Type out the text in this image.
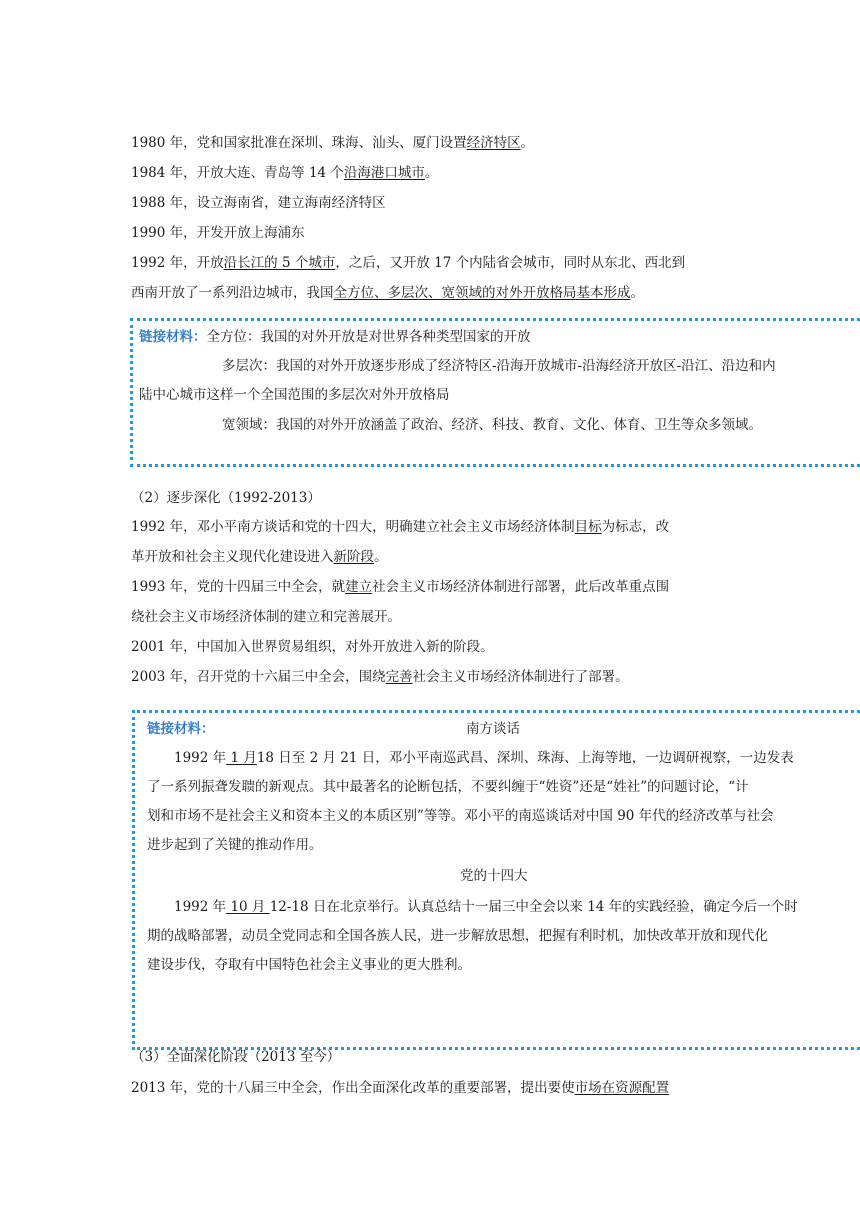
1980 年，党和国家批准在深圳、珠海、汕头、厦门设置经济特区。
1984 年，开放大连、青岛等 14 个沿海港口城市。
1988 年，设立海南省，建立海南经济特区
1990 年，开发开放上海浦东
1992 年，开放沿长江的 5 个城市，之后，又开放 17 个内陆省会城市，同时从东北、西北到
西南开放了一系列沿边城市，我国全方位、多层次、宽领域的对外开放格局基本形成。
链接材料：全方位：我国的对外开放是对世界各种类型国家的开放
多层次：我国的对外开放逐步形成了经济特区-沿海开放城市-沿海经济开放区-沿江、沿边和内
陆中心城市这样一个全国范围的多层次对外开放格局
宽领域：我国的对外开放涵盖了政治、经济、科技、教育、文化、体育、卫生等众多领域。
（2）逐步深化（1992-2013）
1992 年，邓小平南方谈话和党的十四大，明确建立社会主义市场经济体制目标为标志，改
革开放和社会主义现代化建设进入新阶段。
1993 年，党的十四届三中全会，就建立社会主义市场经济体制进行部署，此后改革重点围
绕社会主义市场经济体制的建立和完善展开。
2001 年，中国加入世界贸易组织，对外开放进入新的阶段。
2003 年，召开党的十六届三中全会，围绕完善社会主义市场经济体制进行了部署。
链接材料：	南方谈话
1992 年 1 月18 日至 2 月 21 日，邓小平南巡武昌、深圳、珠海、上海等地，一边调研视察，一边发表
了一系列振聋发聩的新观点。其中最著名的论断包括，不要纠缠于“姓资”还是“姓社”的问题讨论，“计
划和市场不是社会主义和资本主义的本质区别”等等。邓小平的南巡谈话对中国 90 年代的经济改革与社会
进步起到了关键的推动作用。
党的十四大
1992 年 10 月 12-18 日在北京举行。认真总结十一届三中全会以来 14 年的实践经验，确定今后一个时
期的战略部署，动员全党同志和全国各族人民，进一步解放思想，把握有利时机，加快改革开放和现代化
建设步伐，夺取有中国特色社会主义事业的更大胜利。
（3）全面深化阶段（2013 至今）
2013 年，党的十八届三中全会，作出全面深化改革的重要部署，提出要使市场在资源配置
